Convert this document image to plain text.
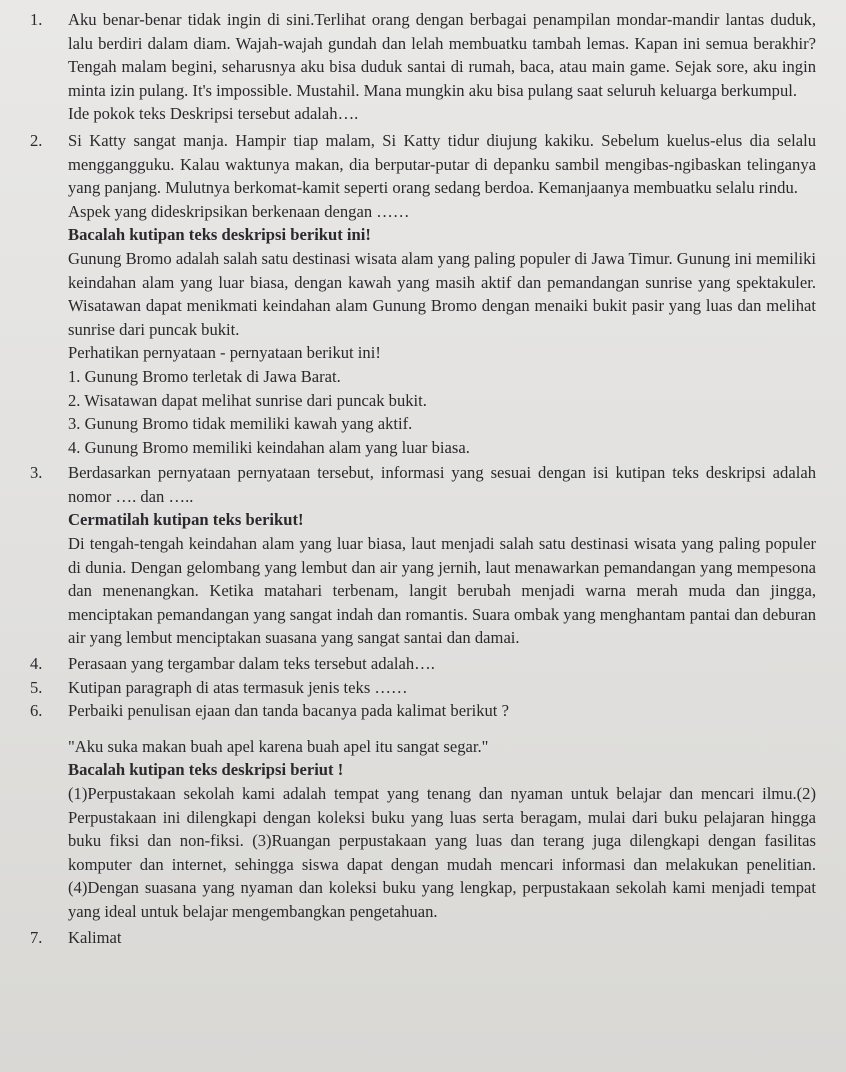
1. Aku benar-benar tidak ingin di sini.Terlihat orang dengan berbagai penampilan mondar-mandir lantas duduk, lalu berdiri dalam diam. Wajah-wajah gundah dan lelah membuatku tambah lemas. Kapan ini semua berakhir? Tengah malam begini, seharusnya aku bisa duduk santai di rumah, baca, atau main game. Sejak sore, aku ingin minta izin pulang. It's impossible. Mustahil. Mana mungkin aku bisa pulang saat seluruh keluarga berkumpul.
Ide pokok teks Deskripsi tersebut adalah….
2. Si Katty sangat manja. Hampir tiap malam, Si Katty tidur diujung kakiku. Sebelum kuelus-elus dia selalu menggangguku. Kalau waktunya makan, dia berputar-putar di depanku sambil mengibas-ngibaskan telinganya yang panjang. Mulutnya berkomat-kamit seperti orang sedang berdoa. Kemanjaanya membuatku selalu rindu.
Aspek yang dideskripsikan berkenaan dengan ……
Bacalah kutipan teks deskripsi berikut ini!
Gunung Bromo adalah salah satu destinasi wisata alam yang paling populer di Jawa Timur. Gunung ini memiliki keindahan alam yang luar biasa, dengan kawah yang masih aktif dan pemandangan sunrise yang spektakuler. Wisatawan dapat menikmati keindahan alam Gunung Bromo dengan menaiki bukit pasir yang luas dan melihat sunrise dari puncak bukit.
Perhatikan pernyataan - pernyataan berikut ini!
1. Gunung Bromo terletak di Jawa Barat.
2. Wisatawan dapat melihat sunrise dari puncak bukit.
3. Gunung Bromo tidak memiliki kawah yang aktif.
4. Gunung Bromo memiliki keindahan alam yang luar biasa.
3. Berdasarkan pernyataan pernyataan tersebut, informasi yang sesuai dengan isi kutipan teks deskripsi adalah nomor …. dan …..
Cermatilah kutipan teks berikut!
Di tengah-tengah keindahan alam yang luar biasa, laut menjadi salah satu destinasi wisata yang paling populer di dunia. Dengan gelombang yang lembut dan air yang jernih, laut menawarkan pemandangan yang mempesona dan menenangkan. Ketika matahari terbenam, langit berubah menjadi warna merah muda dan jingga, menciptakan pemandangan yang sangat indah dan romantis. Suara ombak yang menghantam pantai dan deburan air yang lembut menciptakan suasana yang sangat santai dan damai.
4. Perasaan yang tergambar dalam teks tersebut adalah….
5. Kutipan paragraph di atas termasuk jenis teks ……
6. Perbaiki penulisan ejaan dan tanda bacanya pada kalimat berikut ?
"Aku suka makan buah apel karena buah apel itu sangat segar."
Bacalah kutipan teks deskripsi beriut !
(1)Perpustakaan sekolah kami adalah tempat yang tenang dan nyaman untuk belajar dan mencari ilmu.(2) Perpustakaan ini dilengkapi dengan koleksi buku yang luas serta beragam, mulai dari buku pelajaran hingga buku fiksi dan non-fiksi. (3)Ruangan perpustakaan yang luas dan terang juga dilengkapi dengan fasilitas komputer dan internet, sehingga siswa dapat dengan mudah mencari informasi dan melakukan penelitian. (4)Dengan suasana yang nyaman dan koleksi buku yang lengkap, perpustakaan sekolah kami menjadi tempat yang ideal untuk belajar mengembangkan pengetahuan.
7. Kalimat
